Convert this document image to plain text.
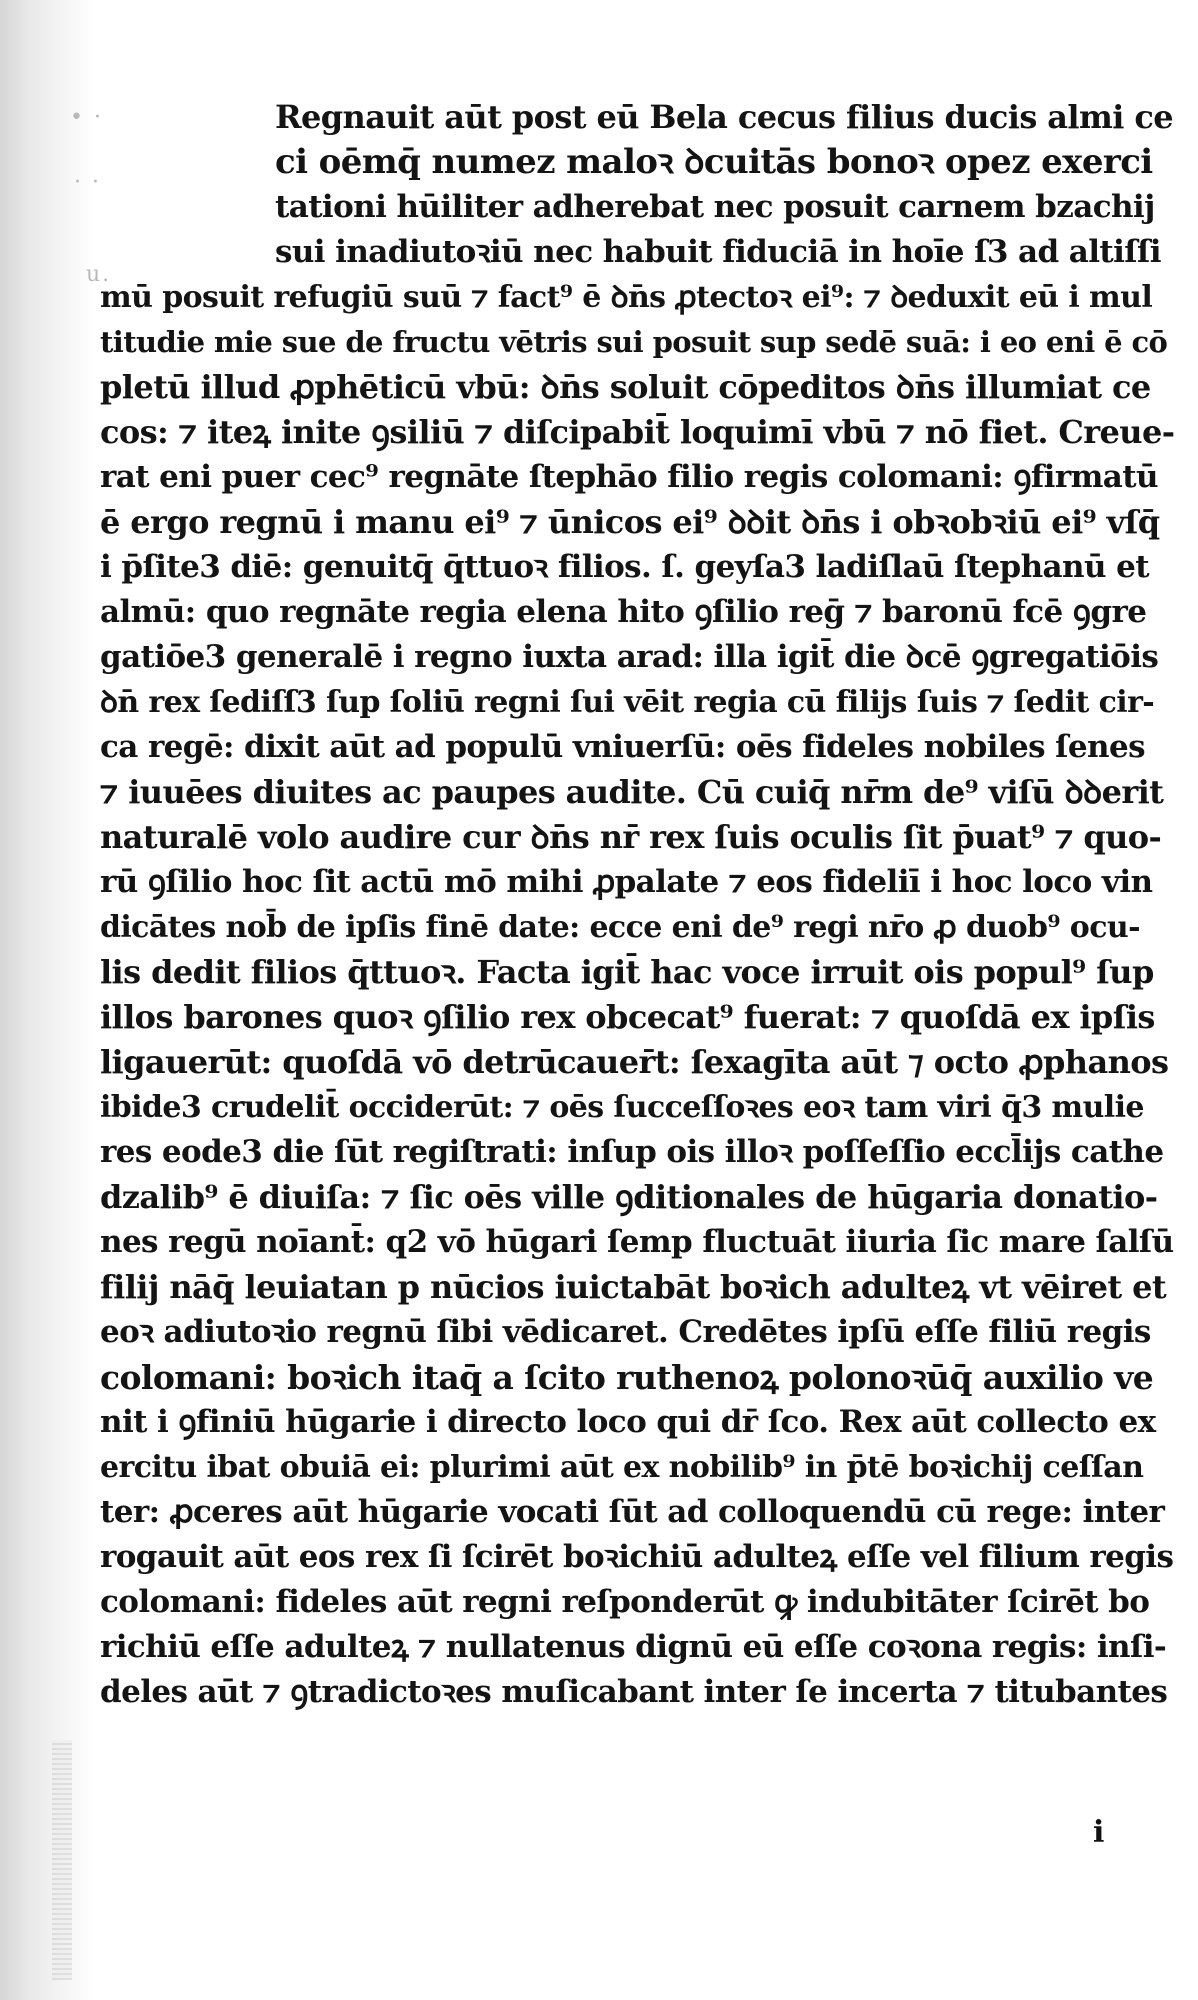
• ·
· ·
u.
Regnauit aūt post eū Bela cecus filius ducis almi ce
ci oēmq̄ numez maloꝛ ꝺcuitās bonoꝛ opez exerci
tationi hūiliter adherebat nec posuit carnem bzachij
sui inadiutoꝛiū nec habuit fiduciā in hoīe ſ3 ad altiſſi
mū posuit refugiū suū ⁊ fact⁹ ē ꝺn̄s ꝓtectoꝛ ei⁹: ⁊ ꝺeduxit eū i mul
titudie mie sue de fructu vētris sui posuit sup sedē suā: i eo eni ē cō
pletū illud ꝓphēticū vbū: ꝺn̄s soluit cōpeditos ꝺn̄s illumiat ce
cos: ⁊ iteꝝ inite ꝯsiliū ⁊ diſcipabit̄ loquimī vbū ⁊ nō fiet. Creue-
rat eni puer cec⁹ regnāte ſtephāo filio regis colomani: ꝯfirmatū
ē ergo regnū i manu ei⁹ ⁊ ūnicos ei⁹ ꝺꝺit ꝺn̄s i obꝛobꝛiū ei⁹ vſq̄
i p̄ſite3 diē: genuitq̄ q̄ttuoꝛ filios. ſ. geyſa3 ladiſlaū ſtephanū et
almū: quo regnāte regia elena hito ꝯſilio reḡ ⁊ baronū fcē ꝯgre
gatiōe3 generalē i regno iuxta arad: illa igit̄ die ꝺcē ꝯgregatiōis
ꝺn̄ rex ſediſſ3 ſup ſoliū regni ſui vēit regia cū filijs ſuis ⁊ ſedit cir-
ca regē: dixit aūt ad populū vniuerſū: oēs fideles nobiles ſenes
⁊ iuuēes diuites ac paupes audite. Cū cuiq̄ nr̄m de⁹ viſū ꝺꝺerit
naturalē volo audire cur ꝺn̄s nr̄ rex ſuis oculis ſit p̄uat⁹ ⁊ quo-
rū ꝯſilio hoc ſit actū mō mihi ꝓpalate ⁊ eos fideliī i hoc loco vin
dicātes nob̄ de ipſis finē date: ecce eni de⁹ regi nr̄o ꝓ duob⁹ ocu-
lis dedit filios q̄ttuoꝛ. Facta igit̄ hac voce irruit ois popul⁹ ſup
illos barones quoꝛ ꝯſilio rex obcecat⁹ fuerat: ⁊ quoſdā ex ipſis
ligauerūt: quoſdā vō detrūcauer̄t: ſexagīta aūt ⁊ octo ꝓphanos
ibide3 crudelit̄ occiderūt: ⁊ oēs ſucceſſoꝛes eoꝛ tam viri q̄3 mulie
res eode3 die ſūt regiſtrati: inſup ois illoꝛ poſſeſſio eccl̄ijs cathe
dzalib⁹ ē diuiſa: ⁊ ſic oēs ville ꝯditionales de hūgaria donatio-
nes regū noīant̄: q2 vō hūgari ſemp fluctuāt iiuria ſic mare ſalſū
filij nāq̄ leuiatan p nūcios iuictabāt boꝛich adulteꝝ vt vēiret et
eoꝛ adiutoꝛio regnū ſibi vēdicaret. Credētes ipſū eſſe filiū regis
colomani: boꝛich itaq̄ a ſcito ruthenoꝝ polonoꝛūq̄ auxilio ve
nit i ꝯfiniū hūgarie i directo loco qui dr̄ ſco. Rex aūt collecto ex
ercitu ibat obuiā ei: plurimi aūt ex nobilib⁹ in p̄tē boꝛichij ceſſan
ter: ꝓceres aūt hūgarie vocati ſūt ad colloquendū cū rege: inter
rogauit aūt eos rex ſi ſcirēt boꝛichiū adulteꝝ eſſe vel filium regis
colomani: fideles aūt regni reſponderūt ꝙ indubitāter ſcirēt bo
richiū eſſe adulteꝝ ⁊ nullatenus dignū eū eſſe coꝛona regis: inſi-
deles aūt ⁊ ꝯtradictoꝛes muſicabant inter ſe incerta ⁊ titubantes
i
